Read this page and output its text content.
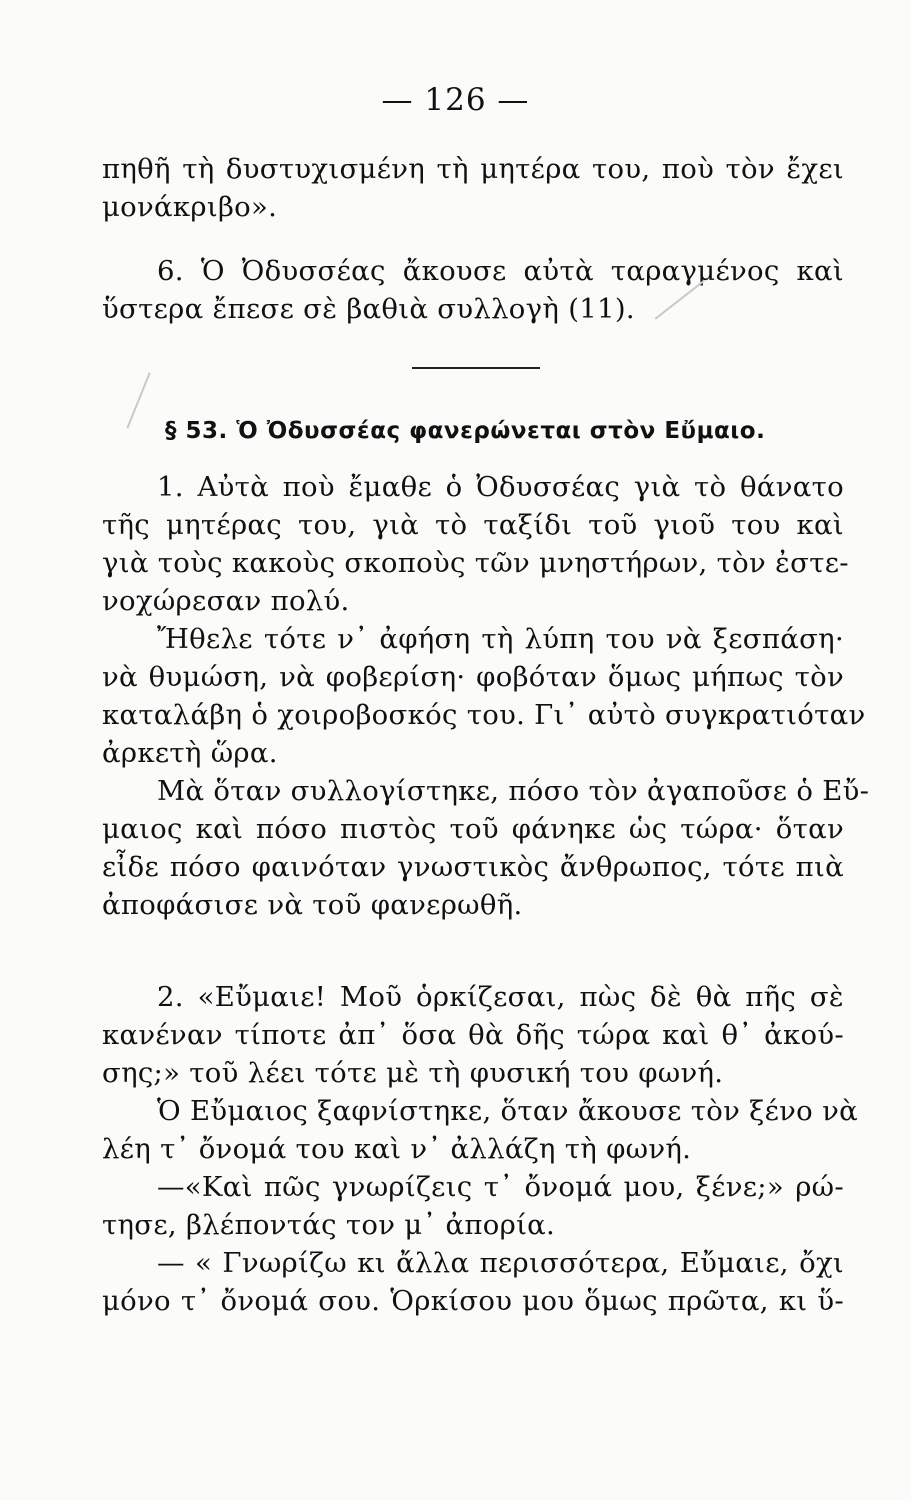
— 126 —
πηθῆ τὴ δυστυχισμένη τὴ μητέρα του, ποὺ τὸν ἔχει
μονάκριβο».
6. Ὁ Ὀδυσσέας ἄκουσε αὐτὰ ταραγμένος καὶ
ὕστερα ἔπεσε σὲ βαθιὰ συλλογὴ (11).
§ 53. Ὁ Ὀδυσσέας φανερώνεται στὸν Εὔμαιο.
1. Αὐτὰ ποὺ ἔμαθε ὁ Ὀδυσσέας γιὰ τὸ θάνατο
τῆς μητέρας του, γιὰ τὸ ταξίδι τοῦ γιοῦ του καὶ
γιὰ τοὺς κακοὺς σκοποὺς τῶν μνηστήρων, τὸν ἐστε-
νοχώρεσαν πολύ.
Ἤθελε τότε ν᾽ ἀφήση τὴ λύπη του νὰ ξεσπάση·
νὰ θυμώση, νὰ φοβερίση· φοβόταν ὅμως μήπως τὸν
καταλάβη ὁ χοιροβοσκός του. Γι᾽ αὐτὸ συγκρατιόταν
ἀρκετὴ ὥρα.
Μὰ ὅταν συλλογίστηκε, πόσο τὸν ἀγαποῦσε ὁ Εὔ-
μαιος καὶ πόσο πιστὸς τοῦ φάνηκε ὡς τώρα· ὅταν
εἶδε πόσο φαινόταν γνωστικὸς ἄνθρωπος, τότε πιὰ
ἀποφάσισε νὰ τοῦ φανερωθῆ.
2. «Εὔμαιε! Μοῦ ὁρκίζεσαι, πὼς δὲ θὰ πῆς σὲ
κανέναν τίποτε ἀπ᾽ ὅσα θὰ δῆς τώρα καὶ θ᾽ ἀκού-
σης;» τοῦ λέει τότε μὲ τὴ φυσική του φωνή.
Ὁ Εὔμαιος ξαφνίστηκε, ὅταν ἄκουσε τὸν ξένο νὰ
λέη τ᾽ ὄνομά του καὶ ν᾽ ἀλλάζη τὴ φωνή.
—«Καὶ πῶς γνωρίζεις τ᾽ ὄνομά μου, ξένε;» ρώ-
τησε, βλέποντάς τον μ᾽ ἀπορία.
— « Γνωρίζω κι ἄλλα περισσότερα, Εὔμαιε, ὄχι
μόνο τ᾽ ὄνομά σου. Ὁρκίσου μου ὅμως πρῶτα, κι ὕ-
